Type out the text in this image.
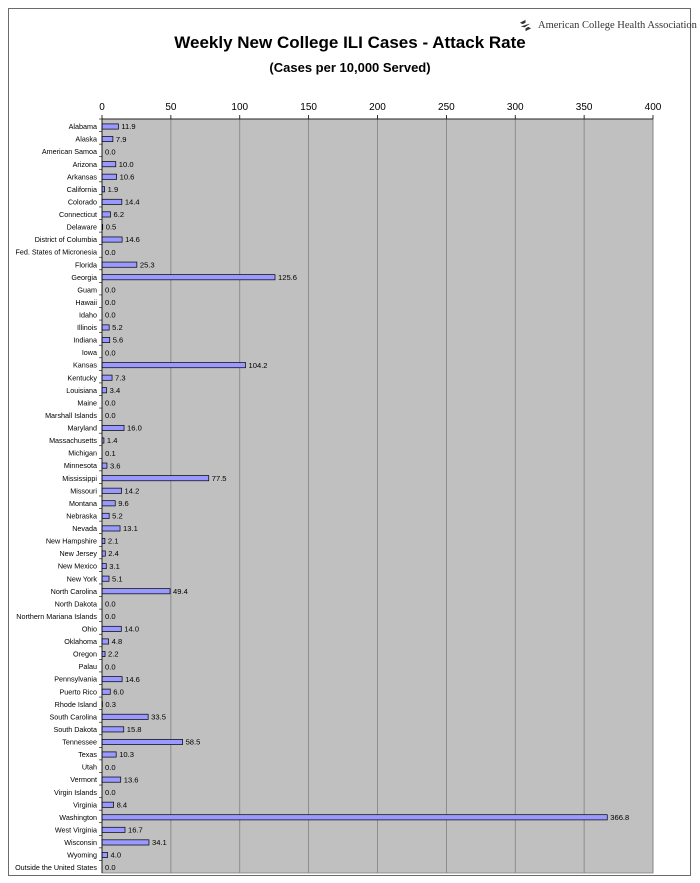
American College Health Association
Weekly New College ILI Cases - Attack Rate
(Cases per 10,000 Served)
0	50	100	150	200	250	300	350	400
Alabama	11.9
Alaska 7.9
American Samoa 0.0
Arizona	10.0
Arkansas	10.6
California 1.9
Colorado	14.4
Connecticut 6.2
Delaware 0.5
District of Columbia	14.6
Fed. States of Micronesia 0.0
Florida	25.3
Georgia	125.6
Guam 0.0
Hawaii 0.0
Idaho 0.0
Illinois 5.2
Indiana 5.6
Iowa 0.0
Kansas	104.2
Kentucky 7.3
Louisiana 3.4
Maine 0.0
Marshall Islands 0.0
Maryland	16.0
Massachusetts 1.4
Michigan 0.1
Minnesota 3.6
Mississippi	77.5
Missouri	14.2
Montana	9.6
Nebraska 5.2
Nevada	13.1
New Hampshire 2.1
New Jersey 2.4
New Mexico 3.1
New York 5.1
North Carolina	49.4
North Dakota 0.0
Northern Mariana Islands 0.0
Ohio	14.0
Oklahoma 4.8
Oregon 2.2
Palau 0.0
Pennsylvania	14.6
Puerto Rico 6.0
Rhode Island 0.3
South Carolina	33.5
South Dakota	15.8
Tennessee	58.5
Texas	10.3
Utah 0.0
Vermont	13.6
Virgin Islands 0.0
Virginia	8.4
Washington	366.8
West Virginia	16.7
Wisconsin	34.1
Wyoming 4.0
Outside the United States 0.0
